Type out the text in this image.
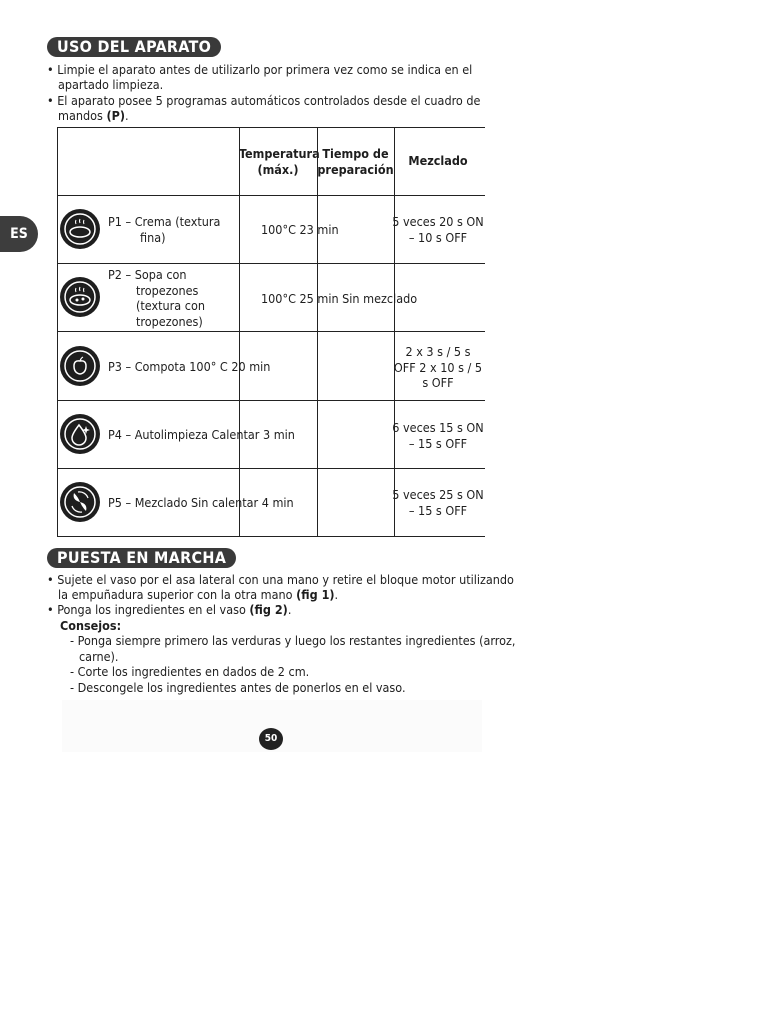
ES
USO DEL APARATO
• Limpie el aparato antes de utilizarlo por primera vez como se indica en el
apartado limpieza.
• El aparato posee 5 programas automáticos controlados desde el cuadro de
mandos (P).
Temperatura
(máx.)
Tiempo de
preparación
Mezclado
P1 – Crema (textura
fina)	100°C 23 min
5 veces 20 s ON
– 10 s OFF
P2 – Sopa con
tropezones
(textura con
tropezones)
100°C 25 min Sin mezclado
P3 – Compota 100° C 20 min
2 x 3 s / 5 s
OFF 2 x 10 s / 5
s OFF
P4 – Autolimpieza Calentar 3 min	6 veces 15 s ON
– 15 s OFF
P5 – Mezclado Sin calentar 4 min
5 veces 25 s ON
– 15 s OFF
PUESTA EN MARCHA
• Sujete el vaso por el asa lateral con una mano y retire el bloque motor utilizando
la empuñadura superior con la otra mano (fig 1).
• Ponga los ingredientes en el vaso (fig 2).
Consejos:
- Ponga siempre primero las verduras y luego los restantes ingredientes (arroz,
carne).
- Corte los ingredientes en dados de 2 cm.
- Descongele los ingredientes antes de ponerlos en el vaso.
50
